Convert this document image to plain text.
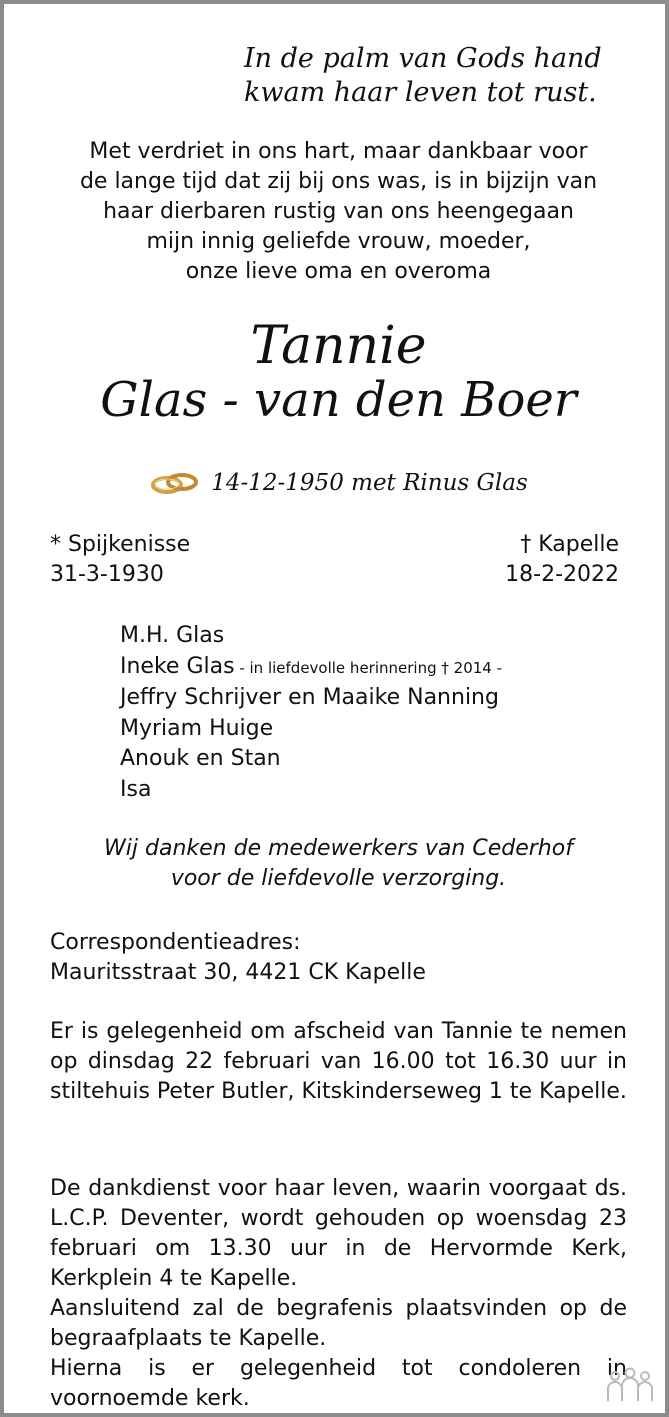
In de palm van Gods hand
kwam haar leven tot rust.
Met verdriet in ons hart, maar dankbaar voor
de lange tijd dat zij bij ons was, is in bijzijn van
haar dierbaren rustig van ons heengegaan
mijn innig geliefde vrouw, moeder,
onze lieve oma en overoma
Tannie
Glas - van den Boer
14-12-1950 met Rinus Glas
* Spijkenisse
31-3-1930
† Kapelle
18-2-2022
M.H. Glas
Ineke Glas - in liefdevolle herinnering † 2014 -
Jeffry Schrijver en Maaike Nanning
Myriam Huige
Anouk en Stan
Isa
Wij danken de medewerkers van Cederhof
voor de liefdevolle verzorging.
Correspondentieadres:
Mauritsstraat 30, 4421 CK Kapelle

Er is gelegenheid om afscheid van Tannie te nemen op dinsdag 22 februari van 16.00 tot 16.30 uur in stiltehuis Peter Butler, Kitskinderseweg 1 te Kapelle.

De dankdienst voor haar leven, waarin voorgaat ds. L.C.P. Deventer, wordt gehouden op woensdag 23 februari om 13.30 uur in de Hervormde Kerk, Kerkplein 4 te Kapelle.

Aansluitend zal de begrafenis plaatsvinden op de begraafplaats te Kapelle.

Hierna is er gelegenheid tot condoleren in voornoemde kerk.
